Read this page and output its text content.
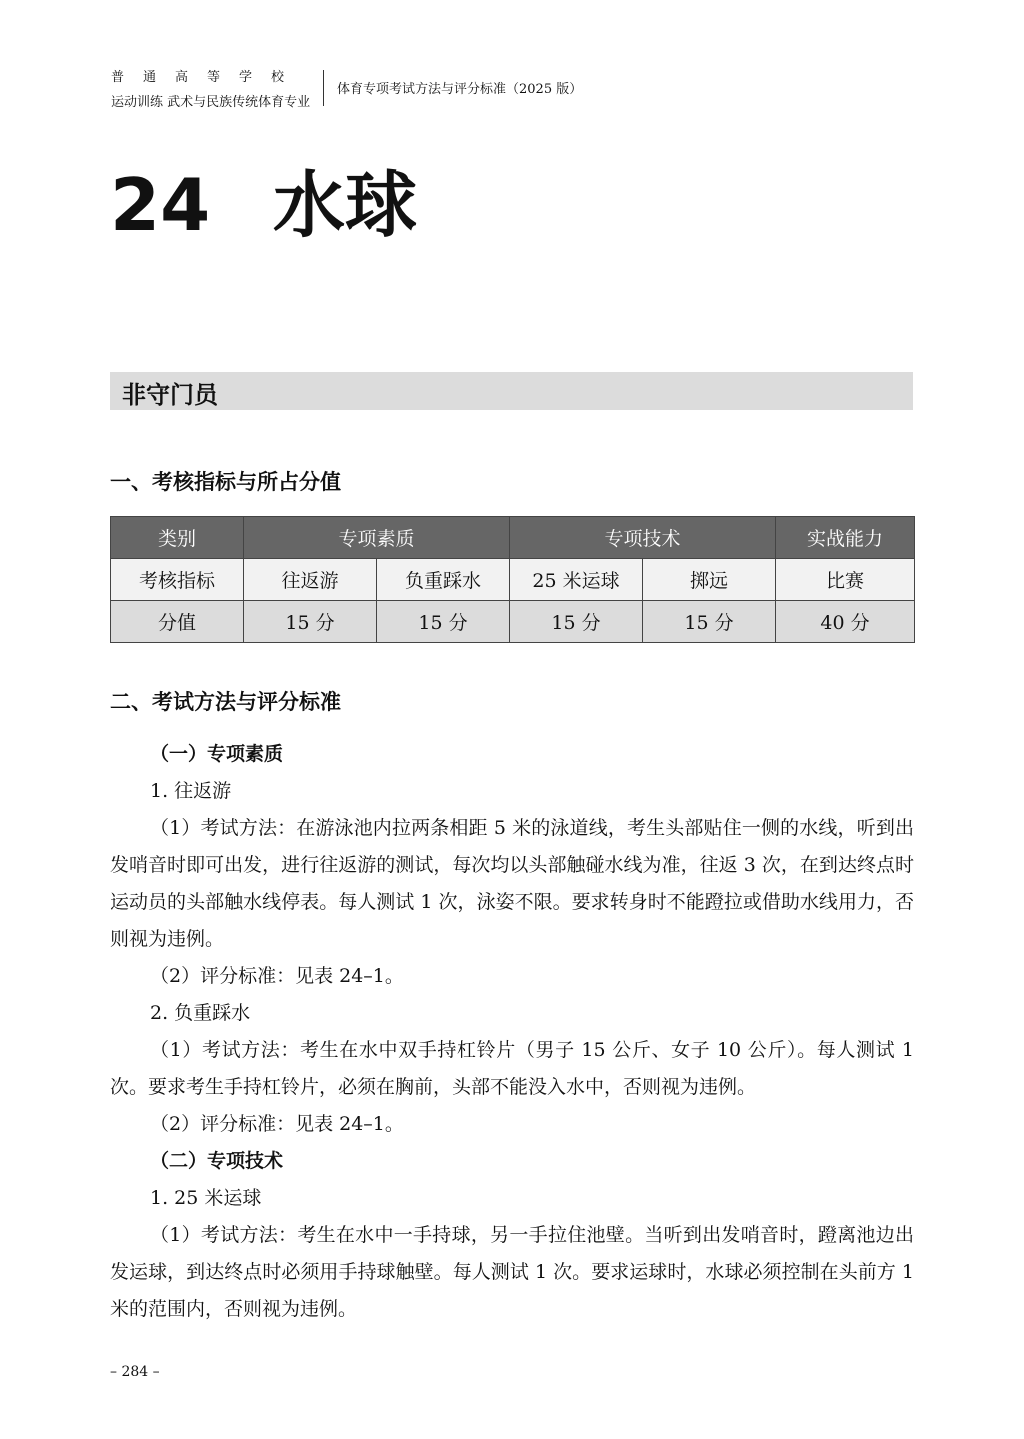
普通高等学校
运动训练 武术与民族传统体育专业
体育专项考试方法与评分标准（2025 版）
24 水球
非守门员
一、考核指标与所占分值
类别	专项素质		专项技术		实战能力
考核指标	往返游	负重踩水	25 米运球	掷远	比赛
分值	15 分	15 分	15 分	15 分	40 分
二、考试方法与评分标准

（一）专项素质

1. 往返游

（1）考试方法：在游泳池内拉两条相距 5 米的泳道线，考生头部贴住一侧的水线，听到出发哨音时即可出发，进行往返游的测试，每次均以头部触碰水线为准，往返 3 次，在到达终点时运动员的头部触水线停表。每人测试 1 次，泳姿不限。要求转身时不能蹬拉或借助水线用力，否则视为违例。

（2）评分标准：见表 24–1。

2. 负重踩水

（1）考试方法：考生在水中双手持杠铃片（男子 15 公斤、女子 10 公斤）。每人测试 1 次。要求考生手持杠铃片，必须在胸前，头部不能没入水中，否则视为违例。

（2）评分标准：见表 24–1。

（二）专项技术

1. 25 米运球

（1）考试方法：考生在水中一手持球，另一手拉住池壁。当听到出发哨音时，蹬离池边出发运球，到达终点时必须用手持球触壁。每人测试 1 次。要求运球时，水球必须控制在头前方 1 米的范围内，否则视为违例。

– 284 –
